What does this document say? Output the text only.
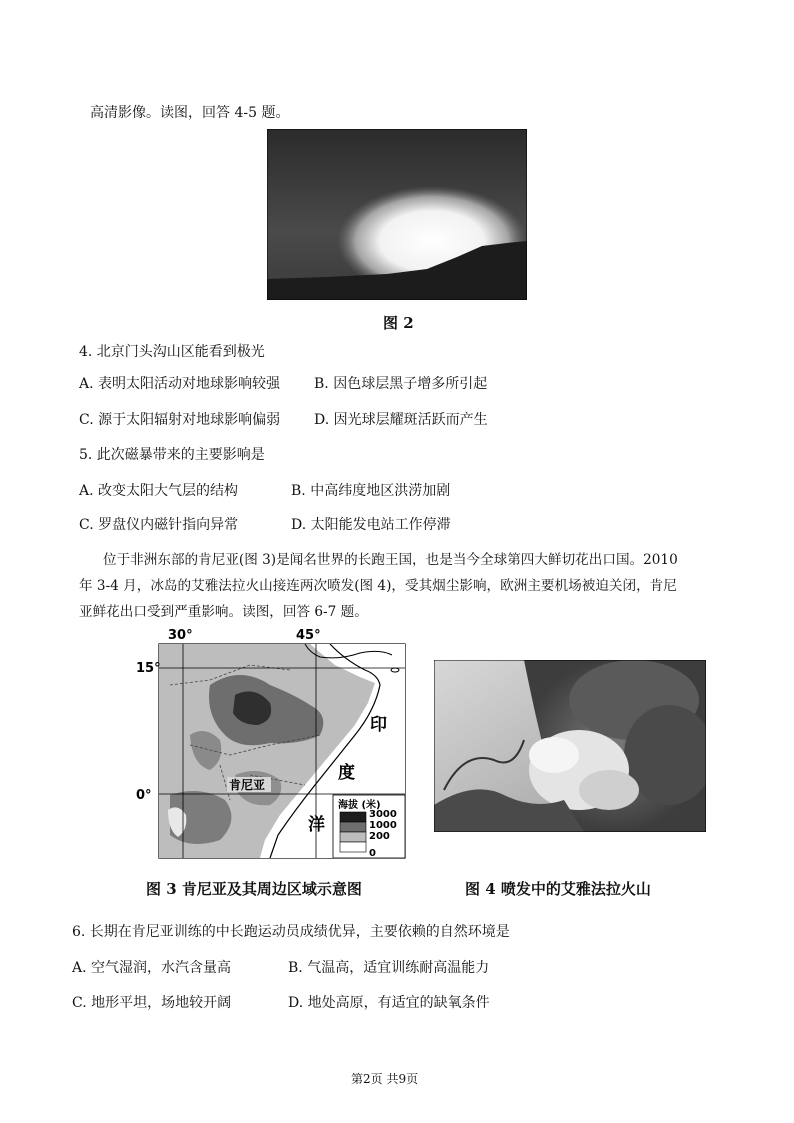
高清影像。读图，回答 4-5 题。
图 2
4. 北京门头沟山区能看到极光
A. 表明太阳活动对地球影响较强 B. 因色球层黑子增多所引起
C. 源于太阳辐射对地球影响偏弱 D. 因光球层耀斑活跃而产生
5. 此次磁暴带来的主要影响是
A. 改变太阳大气层的结构	B. 中高纬度地区洪涝加剧
C. 罗盘仪内磁针指向异常	D. 太阳能发电站工作停滞
位于非洲东部的肯尼亚(图 3)是闻名世界的长跑王国，也是当今全球第四大鲜切花出口国。2010
年 3-4 月，冰岛的艾雅法拉火山接连两次喷发(图 4)，受其烟尘影响，欧洲主要机场被迫关闭，肯尼
亚鲜花出口受到严重影响。读图，回答 6-7 题。
30°	45°
15°
0°
印
度
洋
肯尼亚
海拔 (米)
3000
1000
200
0
图 3 肯尼亚及其周边区域示意图	图 4 喷发中的艾雅法拉火山
6. 长期在肯尼亚训练的中长跑运动员成绩优异，主要依赖的自然环境是
A. 空气湿润，水汽含量高	B. 气温高，适宜训练耐高温能力
C. 地形平坦，场地较开阔	D. 地处高原，有适宜的缺氧条件
第2页 共9页
